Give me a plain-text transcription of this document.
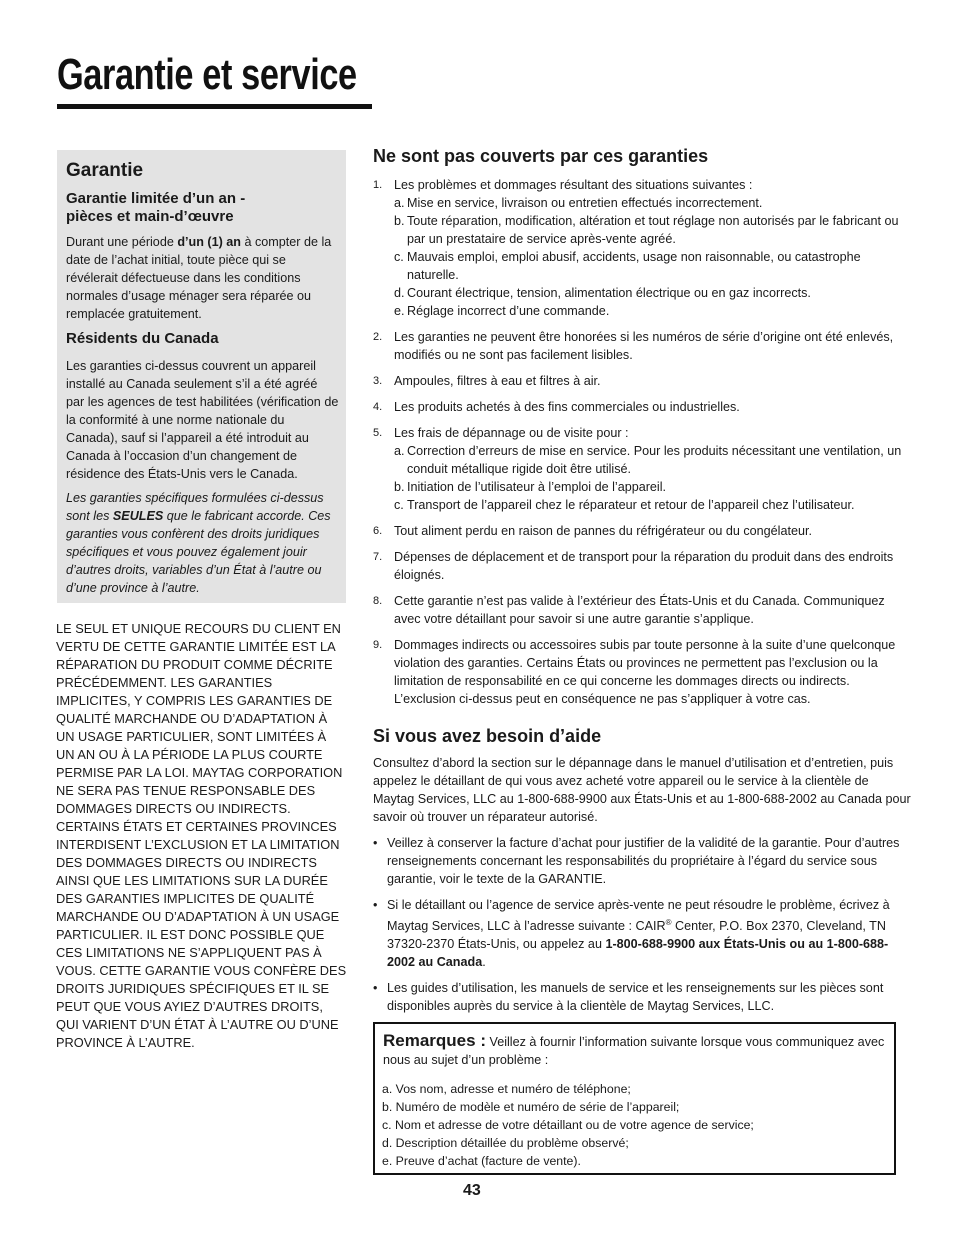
Garantie et service
Garantie
Garantie limitée d’un an -
pièces et main-d’œuvre

Durant une période d’un (1) an à compter de la date de l’achat initial, toute pièce qui se révélerait défectueuse dans les conditions normales d’usage ménager sera réparée ou remplacée gratuitement.

Résidents du Canada

Les garanties ci-dessus couvrent un appareil installé au Canada seulement s’il a été agréé par les agences de test habilitées (vérification de la conformité à une norme nationale du Canada), sauf si l’appareil a été introduit au Canada à l’occasion d’un changement de résidence des États-Unis vers le Canada.

Les garanties spécifiques formulées ci-dessus sont les SEULES que le fabricant accorde. Ces garanties vous confèrent des droits juridiques spécifiques et vous pouvez également jouir d’autres droits, variables d’un État à l’autre ou d’une province à l’autre.

LE SEUL ET UNIQUE RECOURS DU CLIENT EN VERTU DE CETTE GARANTIE LIMITÉE EST LA RÉPARATION DU PRODUIT COMME DÉCRITE PRÉCÉDEMMENT. LES GARANTIES IMPLICITES, Y COMPRIS LES GARANTIES DE QUALITÉ MARCHANDE OU D’ADAPTATION À UN USAGE PARTICULIER, SONT LIMITÉES À UN AN OU À LA PÉRIODE LA PLUS COURTE PERMISE PAR LA LOI. MAYTAG CORPORATION NE SERA PAS TENUE RESPONSABLE DES DOMMAGES DIRECTS OU INDIRECTS. CERTAINS ÉTATS ET CERTAINES PROVINCES INTERDISENT L’EXCLUSION ET LA LIMITATION DES DOMMAGES DIRECTS OU INDIRECTS AINSI QUE LES LIMITATIONS SUR LA DURÉE DES GARANTIES IMPLICITES DE QUALITÉ MARCHANDE OU D’ADAPTATION À UN USAGE PARTICULIER. IL EST DONC POSSIBLE QUE CES LIMITATIONS NE S’APPLIQUENT PAS À VOUS. CETTE GARANTIE VOUS CONFÈRE DES DROITS JURIDIQUES SPÉCIFIQUES ET IL SE PEUT QUE VOUS AYIEZ D’AUTRES DROITS, QUI VARIENT D’UN ÉTAT À L’AUTRE OU D’UNE PROVINCE À L’AUTRE.

Ne sont pas couverts par ces garanties
1. Les problèmes et dommages résultant des situations suivantes :
a. Mise en service, livraison ou entretien effectués incorrectement.
b. Toute réparation, modification, altération et tout réglage non autorisés par le fabricant ou par un prestataire de service après-vente agréé.
c. Mauvais emploi, emploi abusif, accidents, usage non raisonnable, ou catastrophe naturelle.
d. Courant électrique, tension, alimentation électrique ou en gaz incorrects.
e. Réglage incorrect d’une commande.
2. Les garanties ne peuvent être honorées si les numéros de série d’origine ont été enlevés, modifiés ou ne sont pas facilement lisibles.
3. Ampoules, filtres à eau et filtres à air.
4. Les produits achetés à des fins commerciales ou industrielles.
5. Les frais de dépannage ou de visite pour :
a. Correction d’erreurs de mise en service. Pour les produits nécessitant une ventilation, un conduit métallique rigide doit être utilisé.
b. Initiation de l’utilisateur à l’emploi de l’appareil.
c. Transport de l’appareil chez le réparateur et retour de l’appareil chez l’utilisateur.
6. Tout aliment perdu en raison de pannes du réfrigérateur ou du congélateur.
7. Dépenses de déplacement et de transport pour la réparation du produit dans des endroits éloignés.
8. Cette garantie n’est pas valide à l’extérieur des États-Unis et du Canada. Communiquez avec votre détaillant pour savoir si une autre garantie s’applique.
9. Dommages indirects ou accessoires subis par toute personne à la suite d’une quelconque violation des garanties. Certains États ou provinces ne permettent pas l’exclusion ou la limitation de responsabilité en ce qui concerne les dommages directs ou indirects. L’exclusion ci-dessus peut en conséquence ne pas s’appliquer à votre cas.
Si vous avez besoin d’aide

Consultez d’abord la section sur le dépannage dans le manuel d’utilisation et d’entretien, puis appelez le détaillant de qui vous avez acheté votre appareil ou le service à la clientèle de Maytag Services, LLC au 1-800-688-9900 aux États-Unis et au 1-800-688-2002 au Canada pour savoir où trouver un réparateur autorisé.

• Veillez à conserver la facture d’achat pour justifier de la validité de la garantie. Pour d’autres renseignements concernant les responsabilités du propriétaire à l’égard du service sous garantie, voir le texte de la GARANTIE.
• Si le détaillant ou l’agence de service après-vente ne peut résoudre le problème, écrivez à Maytag Services, LLC à l’adresse suivante : CAIR® Center, P.O. Box 2370, Cleveland, TN 37320-2370 États-Unis, ou appelez au 1-800-688-9900 aux États-Unis ou au 1-800-688-2002 au Canada.
• Les guides d’utilisation, les manuels de service et les renseignements sur les pièces sont disponibles auprès du service à la clientèle de Maytag Services, LLC.
Remarques : Veillez à fournir l’information suivante lorsque vous communiquez avec nous au sujet d’un problème :
a. Vos nom, adresse et numéro de téléphone;
b. Numéro de modèle et numéro de série de l’appareil;
c. Nom et adresse de votre détaillant ou de votre agence de service;
d. Description détaillée du problème observé;
e. Preuve d’achat (facture de vente).

43
